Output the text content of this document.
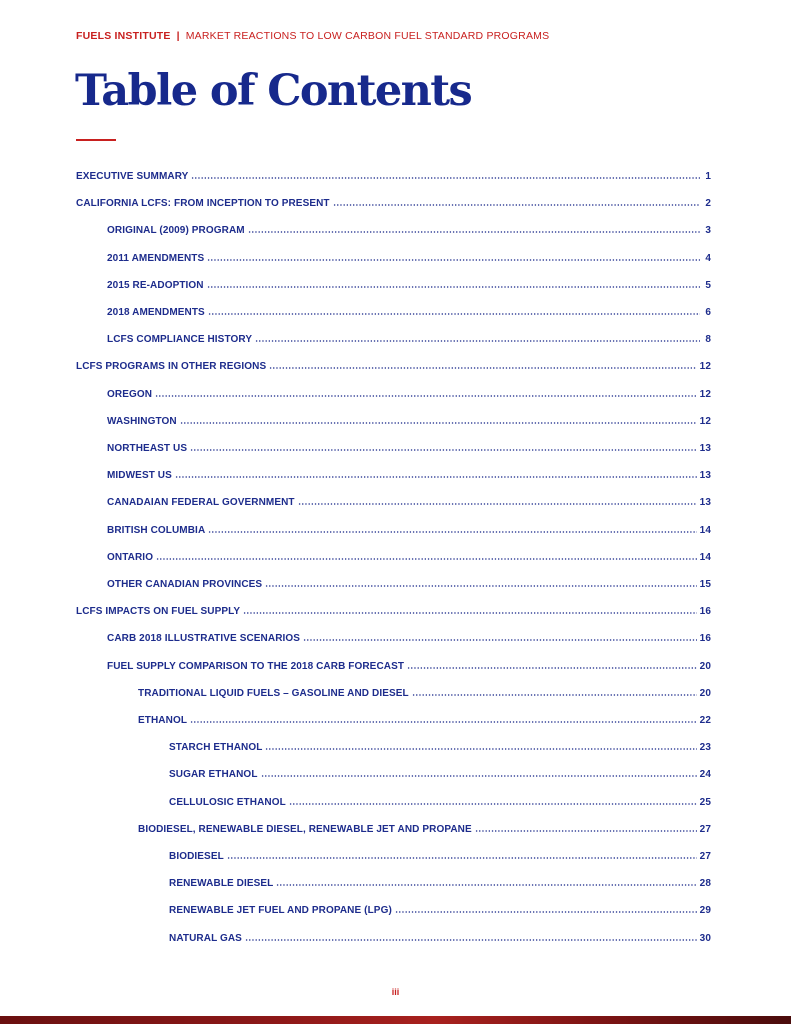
FUELS INSTITUTE | MARKET REACTIONS TO LOW CARBON FUEL STANDARD PROGRAMS
Table of Contents
EXECUTIVE SUMMARY	1
CALIFORNIA LCFS: FROM INCEPTION TO PRESENT	2
ORIGINAL (2009) PROGRAM	3
2011 AMENDMENTS	4
2015 RE-ADOPTION	5
2018 AMENDMENTS	6
LCFS COMPLIANCE HISTORY	8
LCFS PROGRAMS IN OTHER REGIONS	12
OREGON	12
WASHINGTON	12
NORTHEAST US	13
MIDWEST US	13
CANADAIAN FEDERAL GOVERNMENT	13
BRITISH COLUMBIA	14
ONTARIO	14
OTHER CANADIAN PROVINCES	15
LCFS IMPACTS ON FUEL SUPPLY	16
CARB 2018 ILLUSTRATIVE SCENARIOS	16
FUEL SUPPLY COMPARISON TO THE 2018 CARB FORECAST	20
TRADITIONAL LIQUID FUELS – GASOLINE AND DIESEL	20
ETHANOL	22
STARCH ETHANOL	23
SUGAR ETHANOL	24
CELLULOSIC ETHANOL	25
BIODIESEL, RENEWABLE DIESEL, RENEWABLE JET AND PROPANE	27
BIODIESEL	27
RENEWABLE DIESEL	28
RENEWABLE JET FUEL AND PROPANE (LPG)	29
NATURAL GAS	30
iii
